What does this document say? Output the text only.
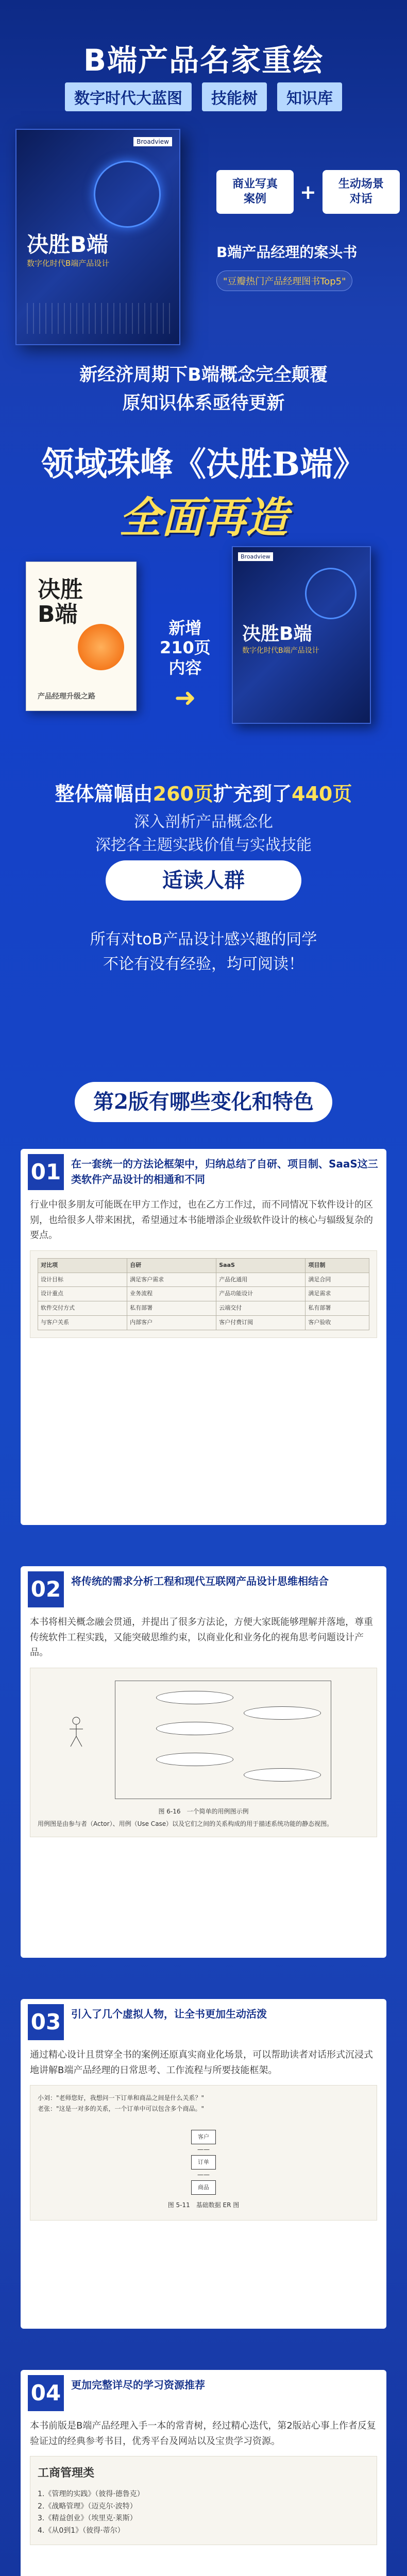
B端产品名家重绘
数字时代大蓝图	技能树	知识库
Broadview
决胜B端
数字化时代B端产品设计
商业写真
案例	+	生动场景
对话
B端产品经理的案头书
"豆瓣热门产品经理图书Top5"
新经济周期下B端概念完全颠覆
原知识体系亟待更新
领域珠峰《决胜B端》
全面再造
决胜
B端
产品经理升级之路
新增
210页
内容
➜
Broadview
决胜B端
数字化时代B端产品设计
整体篇幅由260页扩充到了440页
深入剖析产品概念化
深挖各主题实践价值与实战技能
适读人群
所有对toB产品设计感兴趣的同学
不论有没有经验，均可阅读！
第2版有哪些变化和特色
01 在一套统一的方法论框架中，归纳总结了自研、项目制、SaaS这三类软件产品设计的相通和不同
行业中很多朋友可能既在甲方工作过，也在乙方工作过，而不同情况下软件设计的区别，也给很多人带来困扰，希望通过本书能增添企业级软件设计的核心与辐级复杂的要点。
对比项	自研	SaaS	项目制
设计目标	满足客户需求	产品化通用	满足合同
设计重点	业务流程	产品功能设计	满足需求
软件交付方式	私有部署	云端交付	私有部署
与客户关系	内部客户	客户付费订阅	客户验收
02 将传统的需求分析工程和现代互联网产品设计思维相结合
本书将相关概念融会贯通，并提出了很多方法论，方便大家既能够理解并落地，尊重传统软件工程实践，又能突破思维约束，以商业化和业务化的视角思考问题设计产品。

图 6-16　一个简单的用例图示例
用例图是由参与者（Actor）、用例（Use Case）以及它们之间的关系构成的用于描述系统功能的静态视图。
03 引入了几个虚拟人物，让全书更加生动活泼
通过精心设计且贯穿全书的案例还原真实商业化场景，可以帮助读者对话形式沉浸式地讲解B端产品经理的日常思考、工作流程与所要技能框架。
小刘："老师您好，我想问一下订单和商品之间是什么关系？"
老张："这是一对多的关系，一个订单中可以包含多个商品。"

客户
——
订单
——
商品

图 5-11　基础数据 ER 图
04 更加完整详尽的学习资源推荐
本书前版是B端产品经理入手一本的常青树，经过精心迭代，第2版站心事上作者反复验证过的经典参考书目，优秀平台及网站以及宝贵学习资源。
工商管理类
1.《管理的实践》（彼得·德鲁克）
2.《战略管理》（迈克尔·波特）
3.《精益创业》（埃里克·莱斯）
4.《从0到1》（彼得·蒂尔）
